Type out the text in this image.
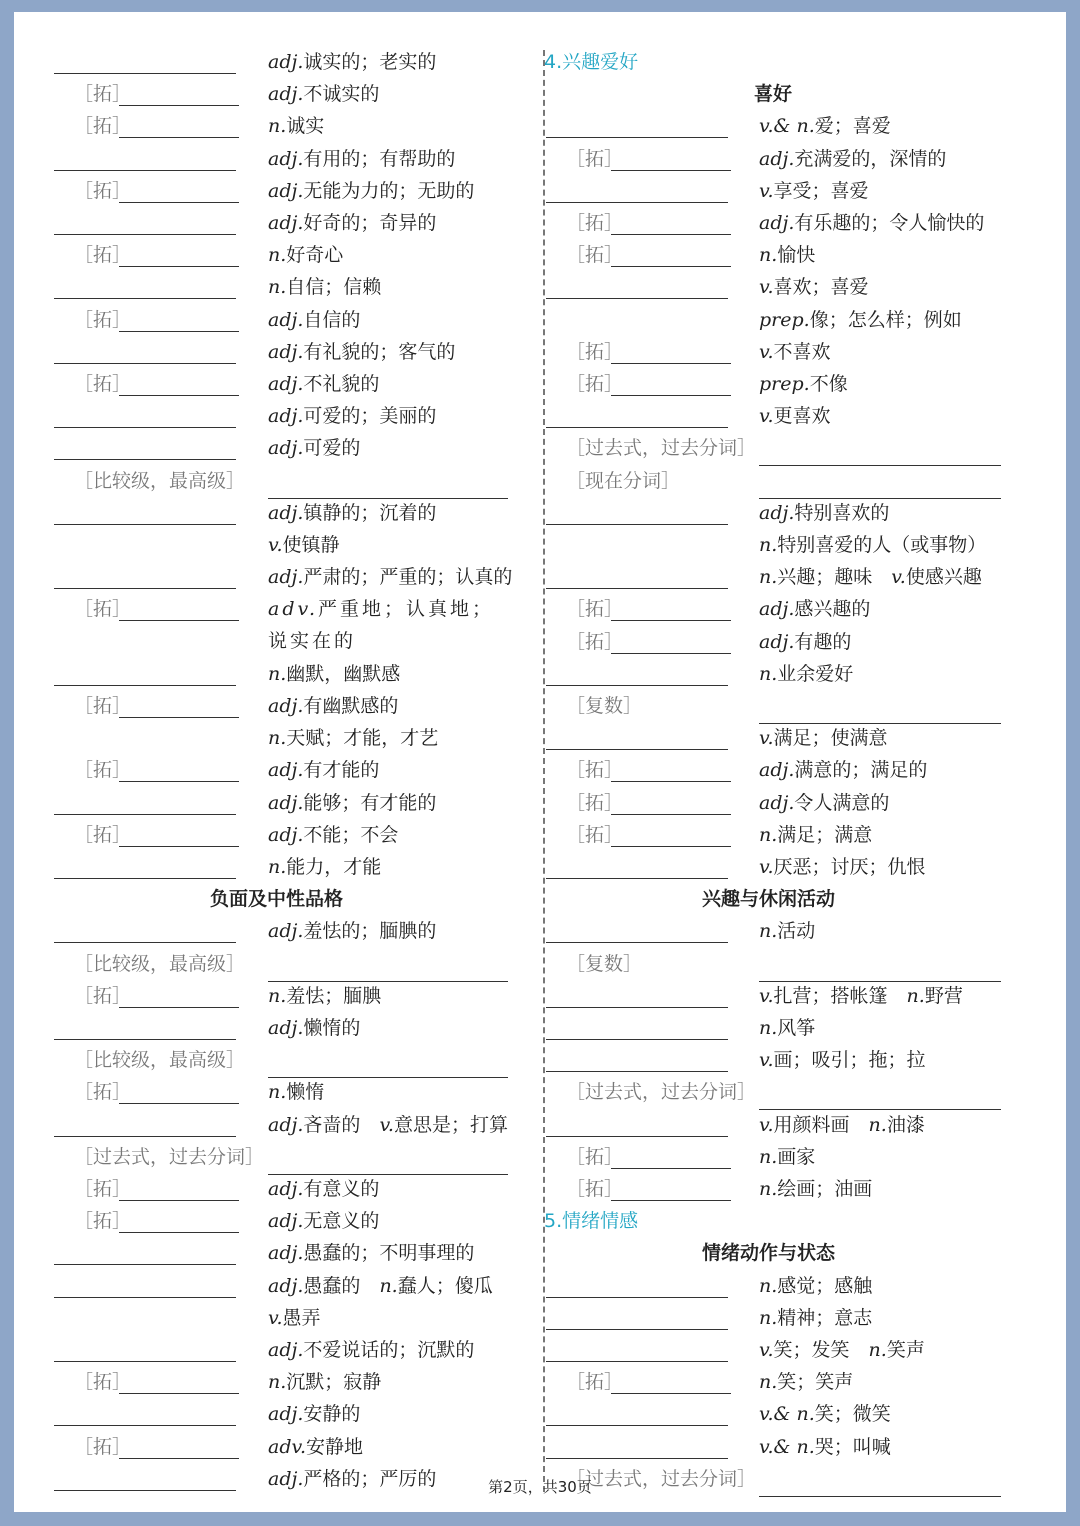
adj.诚实的；老实的
［拓］	adj.不诚实的
［拓］	n.诚实
adj.有用的；有帮助的
［拓］	adj.无能为力的；无助的
adj.好奇的；奇异的
［拓］	n.好奇心
n.自信；信赖
［拓］	adj.自信的
adj.有礼貌的；客气的
［拓］	adj.不礼貌的
adj.可爱的；美丽的
adj.可爱的
［比较级，最高级］
adj.镇静的；沉着的
v.使镇静
adj.严肃的；严重的；认真的
［拓］	adv.严重地；认真地；说实在的
n.幽默，幽默感
［拓］	adj.有幽默感的
n.天赋；才能，才艺
［拓］	adj.有才能的
adj.能够；有才能的
［拓］	adj.不能；不会
n.能力，才能
负面及中性品格
adj.羞怯的；腼腆的
［比较级，最高级］
［拓］	n.羞怯；腼腆
adj.懒惰的
［比较级，最高级］
［拓］	n.懒惰
adj.吝啬的  v.意思是；打算
［过去式，过去分词］
［拓］	adj.有意义的
［拓］	adj.无意义的
adj.愚蠢的；不明事理的
adj.愚蠢的  n.蠢人；傻瓜
v.愚弄
adj.不爱说话的；沉默的
［拓］	n.沉默；寂静
adj.安静的
［拓］	adv.安静地
adj.严格的；严厉的
4.兴趣爱好
喜好
v.& n.爱；喜爱
［拓］	adj.充满爱的，深情的
v.享受；喜爱
［拓］	adj.有乐趣的；令人愉快的
［拓］	n.愉快
v.喜欢；喜爱
prep.像；怎么样；例如
［拓］	v.不喜欢
［拓］	prep.不像
v.更喜欢
［过去式，过去分词］
［现在分词］
adj.特别喜欢的
n.特别喜爱的人（或事物）
n.兴趣；趣味  v.使感兴趣
［拓］	adj.感兴趣的
［拓］	adj.有趣的
n.业余爱好
［复数］
v.满足；使满意
［拓］	adj.满意的；满足的
［拓］	adj.令人满意的
［拓］	n.满足；满意
v.厌恶；讨厌；仇恨
兴趣与休闲活动
n.活动
［复数］
v.扎营；搭帐篷  n.野营
n.风筝
v.画；吸引；拖；拉
［过去式，过去分词］
v.用颜料画  n.油漆
［拓］	n.画家
［拓］	n.绘画；油画
5.情绪情感
情绪动作与状态
n.感觉；感触
n.精神；意志
v.笑；发笑  n.笑声
［拓］	n.笑；笑声
v.& n.笑；微笑
v.& n.哭；叫喊
［过去式，过去分词］
第2页，共30页
